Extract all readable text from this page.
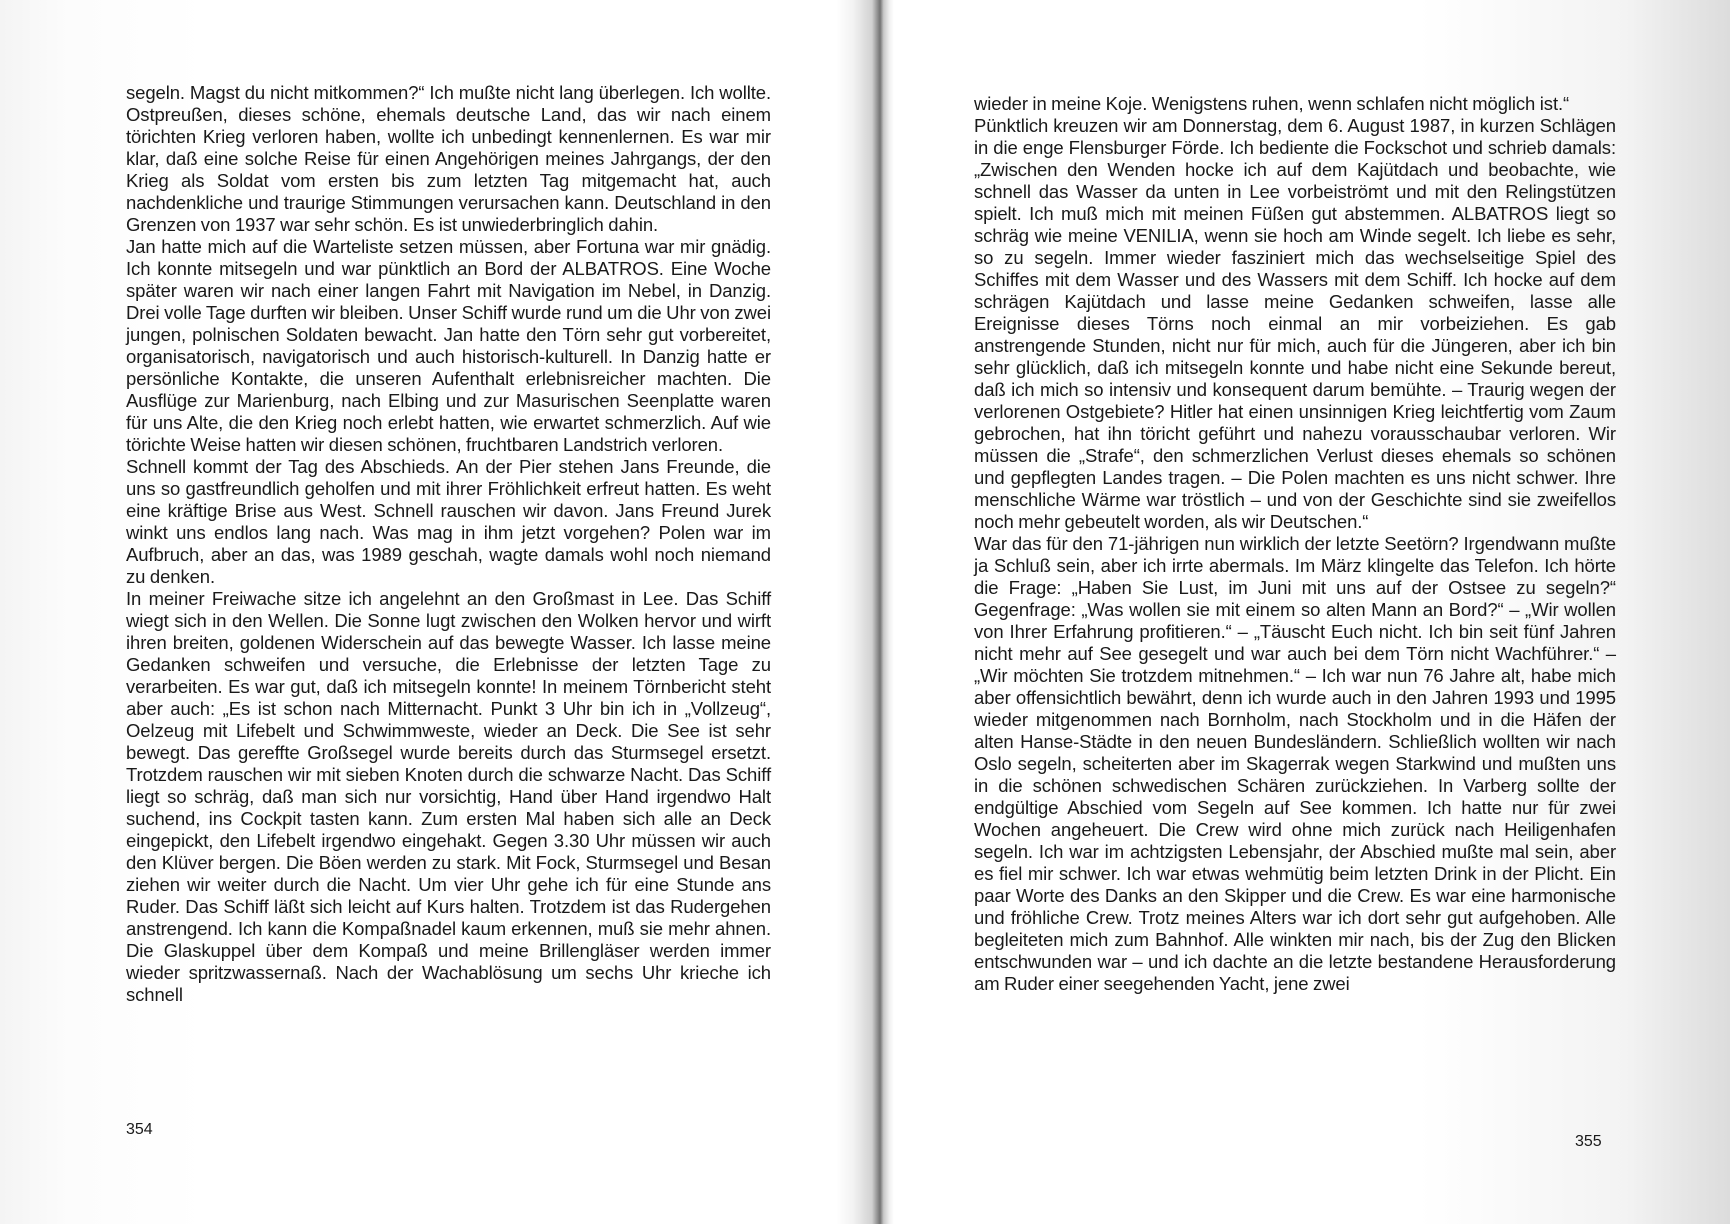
segeln. Magst du nicht mitkommen?“ Ich mußte nicht lang überlegen. Ich wollte. Ostpreußen, dieses schöne, ehemals deutsche Land, das wir nach einem törichten Krieg verloren haben, wollte ich unbedingt kennenlernen. Es war mir klar, daß eine solche Reise für einen Angehörigen meines Jahrgangs, der den Krieg als Soldat vom ersten bis zum letzten Tag mitgemacht hat, auch nachdenkliche und traurige Stimmungen verursachen kann. Deutschland in den Grenzen von 1937 war sehr schön. Es ist unwiederbringlich dahin.

Jan hatte mich auf die Warteliste setzen müssen, aber Fortuna war mir gnädig. Ich konnte mitsegeln und war pünktlich an Bord der ALBATROS. Eine Woche später waren wir nach einer langen Fahrt mit Navigation im Nebel, in Danzig. Drei volle Tage durften wir bleiben. Unser Schiff wurde rund um die Uhr von zwei jungen, polnischen Soldaten bewacht. Jan hatte den Törn sehr gut vorbereitet, organisatorisch, navigatorisch und auch historisch-kulturell. In Danzig hatte er persönliche Kontakte, die unseren Aufenthalt erlebnisreicher machten. Die Ausflüge zur Marienburg, nach Elbing und zur Masurischen Seenplatte waren für uns Alte, die den Krieg noch erlebt hatten, wie erwartet schmerzlich. Auf wie törichte Weise hatten wir diesen schönen, fruchtbaren Landstrich verloren.

Schnell kommt der Tag des Abschieds. An der Pier stehen Jans Freunde, die uns so gastfreundlich geholfen und mit ihrer Fröhlichkeit erfreut hatten. Es weht eine kräftige Brise aus West. Schnell rauschen wir davon. Jans Freund Jurek winkt uns endlos lang nach. Was mag in ihm jetzt vorgehen? Polen war im Aufbruch, aber an das, was 1989 geschah, wagte damals wohl noch niemand zu denken.

In meiner Freiwache sitze ich angelehnt an den Großmast in Lee. Das Schiff wiegt sich in den Wellen. Die Sonne lugt zwischen den Wolken hervor und wirft ihren breiten, goldenen Widerschein auf das bewegte Wasser. Ich lasse meine Gedanken schweifen und versuche, die Erlebnisse der letzten Tage zu verarbeiten. Es war gut, daß ich mitsegeln konnte! In meinem Törnbericht steht aber auch: „Es ist schon nach Mitternacht. Punkt 3 Uhr bin ich in „Vollzeug“, Oelzeug mit Lifebelt und Schwimmweste, wieder an Deck. Die See ist sehr bewegt. Das gereffte Großsegel wurde bereits durch das Sturmsegel ersetzt. Trotzdem rauschen wir mit sieben Knoten durch die schwarze Nacht. Das Schiff liegt so schräg, daß man sich nur vorsichtig, Hand über Hand irgendwo Halt suchend, ins Cockpit tasten kann. Zum ersten Mal haben sich alle an Deck eingepickt, den Lifebelt irgendwo eingehakt. Gegen 3.30 Uhr müssen wir auch den Klüver bergen. Die Böen werden zu stark. Mit Fock, Sturmsegel und Besan ziehen wir weiter durch die Nacht. Um vier Uhr gehe ich für eine Stunde ans Ruder. Das Schiff läßt sich leicht auf Kurs halten. Trotzdem ist das Rudergehen anstrengend. Ich kann die Kompaßnadel kaum erkennen, muß sie mehr ahnen. Die Glaskuppel über dem Kompaß und meine Brillengläser werden immer wieder spritzwassernaß. Nach der Wachablösung um sechs Uhr krieche ich schnell

354

wieder in meine Koje. Wenigstens ruhen, wenn schlafen nicht möglich ist.“

Pünktlich kreuzen wir am Donnerstag, dem 6. August 1987, in kurzen Schlägen in die enge Flensburger Förde. Ich bediente die Fockschot und schrieb damals: „Zwischen den Wenden hocke ich auf dem Kajütdach und beobachte, wie schnell das Wasser da unten in Lee vorbeiströmt und mit den Relingstützen spielt. Ich muß mich mit meinen Füßen gut abstemmen. ALBATROS liegt so schräg wie meine VENILIA, wenn sie hoch am Winde segelt. Ich liebe es sehr, so zu segeln. Immer wieder fasziniert mich das wechselseitige Spiel des Schiffes mit dem Wasser und des Wassers mit dem Schiff. Ich hocke auf dem schrägen Kajütdach und lasse meine Gedanken schweifen, lasse alle Ereignisse dieses Törns noch einmal an mir vorbeiziehen. Es gab anstrengende Stunden, nicht nur für mich, auch für die Jüngeren, aber ich bin sehr glücklich, daß ich mitsegeln konnte und habe nicht eine Sekunde bereut, daß ich mich so intensiv und konsequent darum bemühte. – Traurig wegen der verlorenen Ostgebiete? Hitler hat einen unsinnigen Krieg leichtfertig vom Zaum gebrochen, hat ihn töricht geführt und nahezu vorausschaubar verloren. Wir müssen die „Strafe“, den schmerzlichen Verlust dieses ehemals so schönen und gepflegten Landes tragen. – Die Polen machten es uns nicht schwer. Ihre menschliche Wärme war tröstlich – und von der Geschichte sind sie zweifellos noch mehr gebeutelt worden, als wir Deutschen.“

War das für den 71-jährigen nun wirklich der letzte Seetörn? Irgendwann mußte ja Schluß sein, aber ich irrte abermals. Im März klingelte das Telefon. Ich hörte die Frage: „Haben Sie Lust, im Juni mit uns auf der Ostsee zu segeln?“ Gegenfrage: „Was wollen sie mit einem so alten Mann an Bord?“ – „Wir wollen von Ihrer Erfahrung profitieren.“ – „Täuscht Euch nicht. Ich bin seit fünf Jahren nicht mehr auf See gesegelt und war auch bei dem Törn nicht Wachführer.“ – „Wir möchten Sie trotzdem mitnehmen.“ – Ich war nun 76 Jahre alt, habe mich aber offensichtlich bewährt, denn ich wurde auch in den Jahren 1993 und 1995 wieder mitgenommen nach Bornholm, nach Stockholm und in die Häfen der alten Hanse-Städte in den neuen Bundesländern. Schließlich wollten wir nach Oslo segeln, scheiterten aber im Skagerrak wegen Starkwind und mußten uns in die schönen schwedischen Schären zurückziehen. In Varberg sollte der endgültige Abschied vom Segeln auf See kommen. Ich hatte nur für zwei Wochen angeheuert. Die Crew wird ohne mich zurück nach Heiligenhafen segeln. Ich war im achtzigsten Lebensjahr, der Abschied mußte mal sein, aber es fiel mir schwer. Ich war etwas wehmütig beim letzten Drink in der Plicht. Ein paar Worte des Danks an den Skipper und die Crew. Es war eine harmonische und fröhliche Crew. Trotz meines Alters war ich dort sehr gut aufgehoben. Alle begleiteten mich zum Bahnhof. Alle winkten mir nach, bis der Zug den Blicken entschwunden war – und ich dachte an die letzte bestandene Herausforderung am Ruder einer seegehenden Yacht, jene zwei

355
